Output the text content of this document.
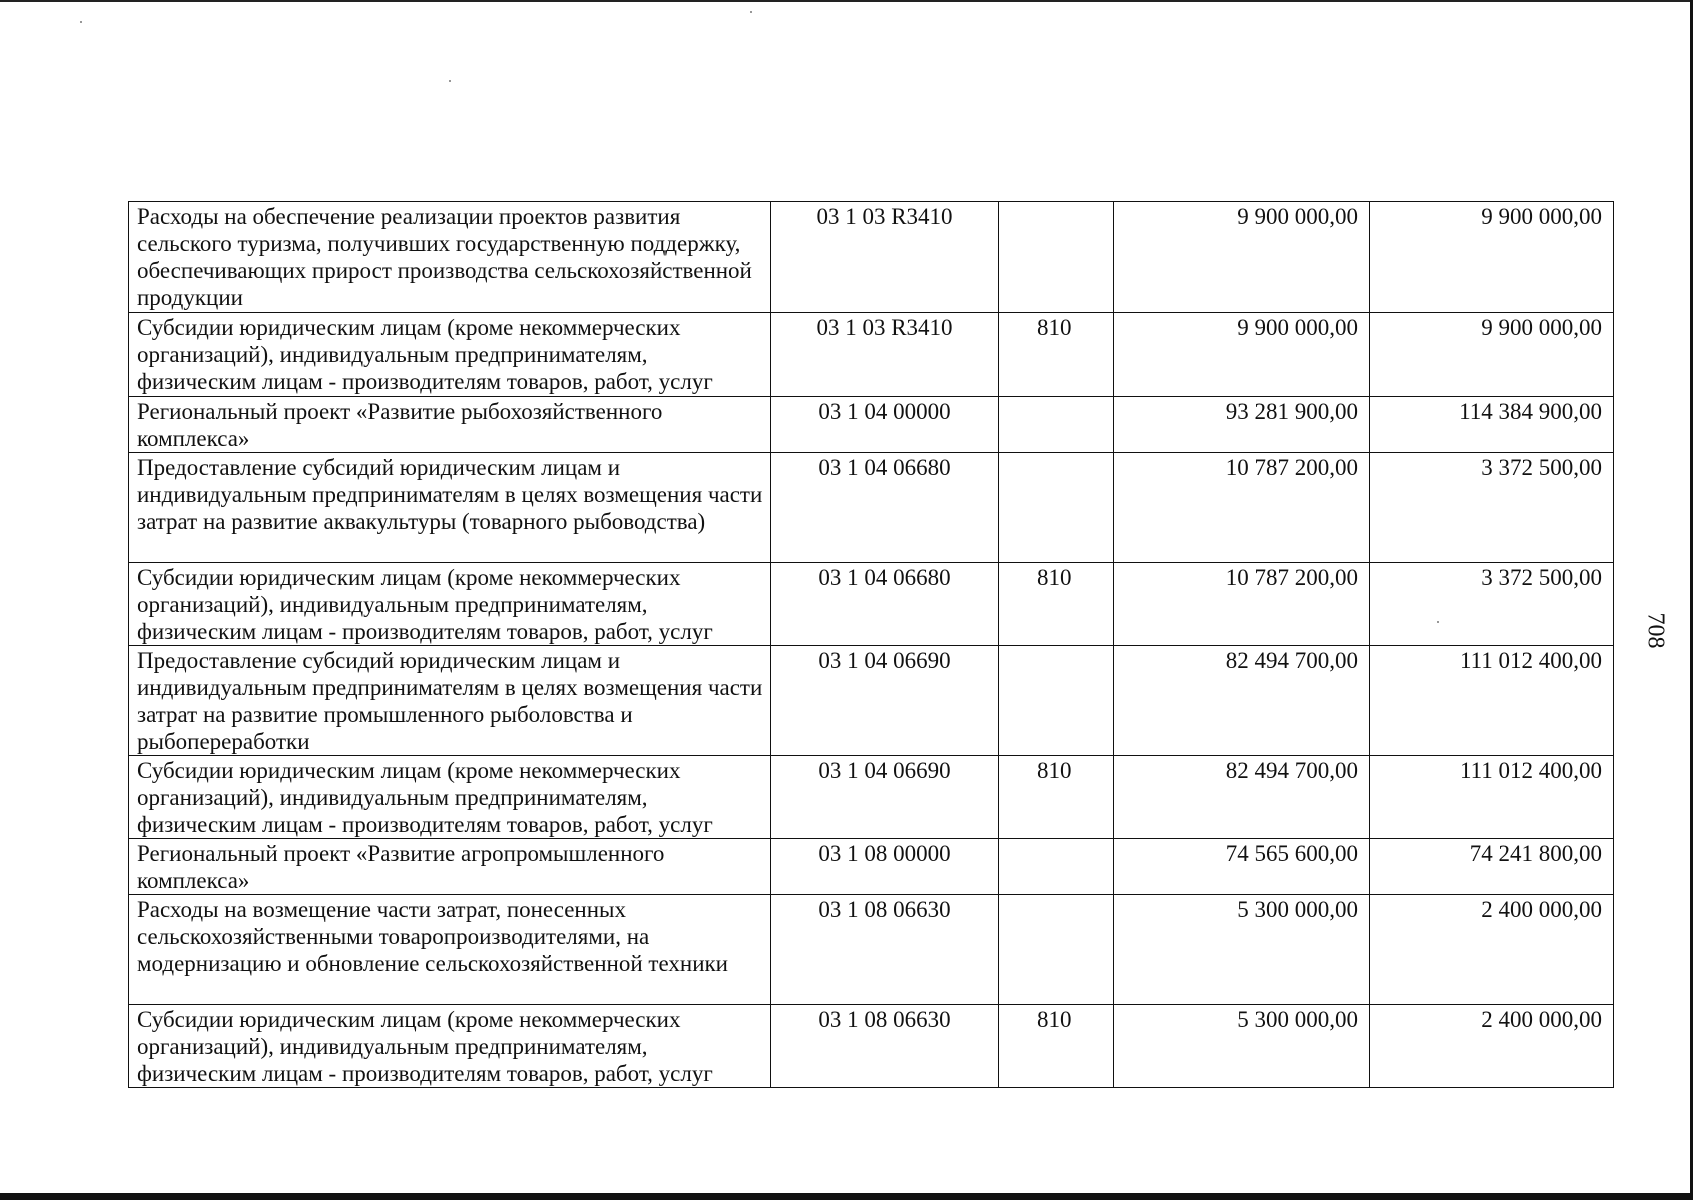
Расходы на обеспечение реализации проектов развития сельского туризма, получивших государственную поддержку, обеспечивающих прирост производства сельскохозяйственной продукции	03 1 03 R3410		9 900 000,00	9 900 000,00
Субсидии юридическим лицам (кроме некоммерческих организаций), индивидуальным предпринимателям, физическим лицам - производителям товаров, работ, услуг	03 1 03 R3410	810	9 900 000,00	9 900 000,00
Региональный проект «Развитие рыбохозяйственного комплекса»	03 1 04 00000		93 281 900,00	114 384 900,00
Предоставление субсидий юридическим лицам и индивидуальным предпринимателям в целях возмещения части затрат на развитие аквакультуры (товарного рыбоводства)	03 1 04 06680		10 787 200,00	3 372 500,00
Субсидии юридическим лицам (кроме некоммерческих организаций), индивидуальным предпринимателям, физическим лицам - производителям товаров, работ, услуг	03 1 04 06680	810	10 787 200,00	3 372 500,00
Предоставление субсидий юридическим лицам и индивидуальным предпринимателям в целях возмещения части затрат на развитие промышленного рыболовства и рыбопереработки	03 1 04 06690		82 494 700,00	111 012 400,00
Субсидии юридическим лицам (кроме некоммерческих организаций), индивидуальным предпринимателям, физическим лицам - производителям товаров, работ, услуг	03 1 04 06690	810	82 494 700,00	111 012 400,00
Региональный проект «Развитие агропромышленного комплекса»	03 1 08 00000		74 565 600,00	74 241 800,00
Расходы на возмещение части затрат, понесенных сельскохозяйственными товаропроизводителями, на модернизацию и обновление сельскохозяйственной техники	03 1 08 06630		5 300 000,00	2 400 000,00
Субсидии юридическим лицам (кроме некоммерческих организаций), индивидуальным предпринимателям, физическим лицам - производителям товаров, работ, услуг	03 1 08 06630	810	5 300 000,00	2 400 000,00
708
